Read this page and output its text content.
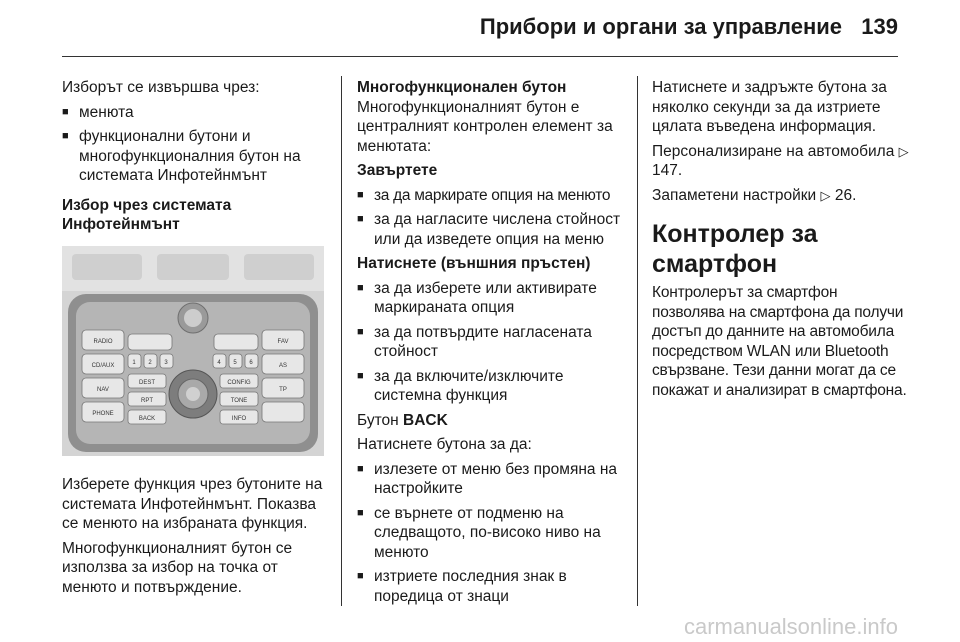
Прибори и органи за управление 139

Изборът се извършва чрез:

■ менюта
■ функционални бутони и многофункционалния бутон на системата Инфотейнмънт

Избор чрез системата Инфотейнмънт

RADIO
CD/AUX
NAV
PHONE
DEST
RPT
BACK
CONFIG
TONE
INFO
FAV
AS
TP
1 2 3	4 5 6

Изберете функция чрез бутоните на системата Инфотейнмънт. Показва се менюто на избраната функция.

Многофункционалният бутон се използва за избор на точка от менюто и потвърждение.

Многофункционален бутон

Многофункционалният бутон е централният контролен елемент за менютата:

Завъртете

■ за да маркирате опция на менюто
■ за да нагласите числена стойност или да изведете опция на меню

Натиснете (външния пръстен)

■ за да изберете или активирате маркираната опция
■ за да потвърдите нагласената стойност
■ за да включите/изключите системна функция

Бутон BACK

Натиснете бутона за да:

■ излезете от меню без промяна на настройките
■ се върнете от подменю на следващото, по-високо ниво на менюто
■ изтриете последния знак в поредица от знаци

Натиснете и задръжте бутона за няколко секунди за да изтриете цялата въведена информация.

Персонализиране на автомобила ▷ 147.

Запаметени настройки ▷ 26.

Контролер за смартфон

Контролерът за смартфон позволява на смартфона да получи достъп до данните на автомобила посредством WLAN или Bluetooth свързване. Тези данни могат да се покажат и анализират в смартфона.

carmanualsonline.info
